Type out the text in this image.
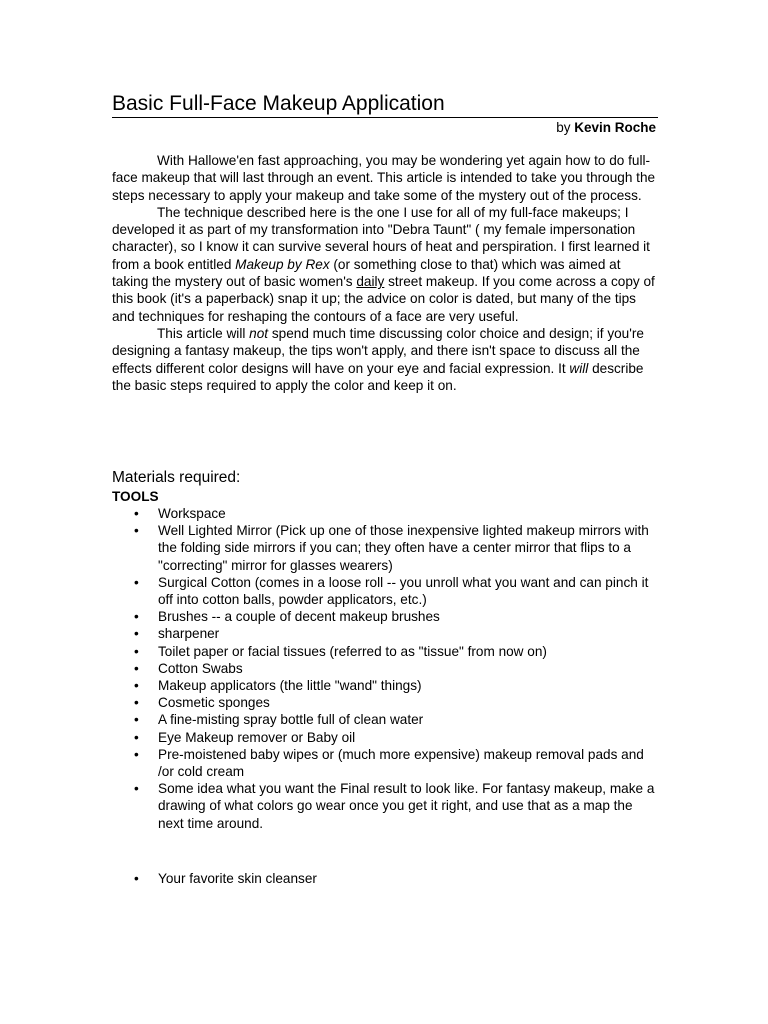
Basic Full-Face Makeup Application
by Kevin Roche

With Hallowe'en fast approaching, you may be wondering yet again how to do full-face makeup that will last through an event. This article is intended to take you through the steps necessary to apply your makeup and take some of the mystery out of the process.

The technique described here is the one I use for all of my full-face makeups; I developed it as part of my transformation into "Debra Taunt" ( my female impersonation character), so I know it can survive several hours of heat and perspiration. I first learned it from a book entitled Makeup by Rex (or something close to that) which was aimed at taking the mystery out of basic women's daily street makeup. If you come across a copy of this book (it's a paperback) snap it up; the advice on color is dated, but many of the tips and techniques for reshaping the contours of a face are very useful.

This article will not spend much time discussing color choice and design; if you're designing a fantasy makeup, the tips won't apply, and there isn't space to discuss all the effects different color designs will have on your eye and facial expression. It will describe the basic steps required to apply the color and keep it on.

Materials required:
TOOLS
• Workspace
• Well Lighted Mirror (Pick up one of those inexpensive lighted makeup mirrors with the folding side mirrors if you can; they often have a center mirror that flips to a "correcting" mirror for glasses wearers)
• Surgical Cotton (comes in a loose roll -- you unroll what you want and can pinch it off into cotton balls, powder applicators, etc.)
• Brushes -- a couple of decent makeup brushes
• sharpener
• Toilet paper or facial tissues (referred to as "tissue" from now on)
• Cotton Swabs
• Makeup applicators (the little "wand" things)
• Cosmetic sponges
• A fine-misting spray bottle full of clean water
• Eye Makeup remover or Baby oil
• Pre-moistened baby wipes or (much more expensive) makeup removal pads and /or cold cream
• Some idea what you want the Final result to look like. For fantasy makeup, make a drawing of what colors go wear once you get it right, and use that as a map the next time around.
• Your favorite skin cleanser
